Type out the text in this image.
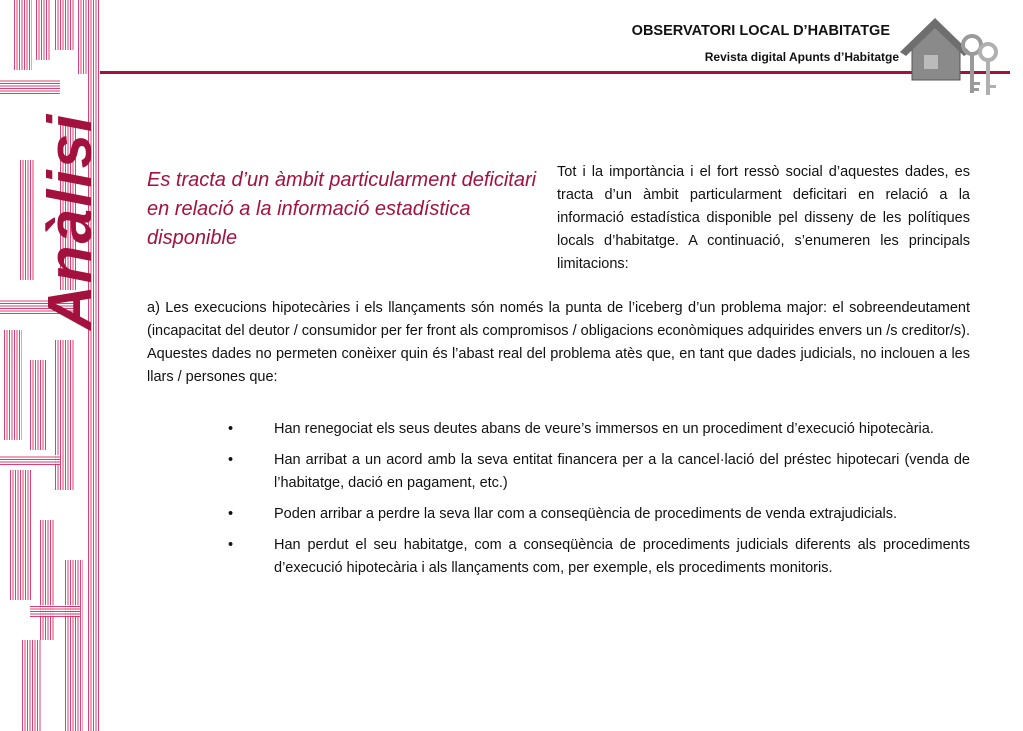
Anàlisi
OBSERVATORI LOCAL D’HABITATGE
Revista digital Apunts d’Habitatge
Es tracta d’un àmbit particularment deficitari en relació a la informació estadística disponible
Tot i la importància i el fort ressò social d’aquestes dades, es tracta d’un àmbit particularment deficitari en relació a la informació estadística disponible pel disseny de les polítiques locals d’habitatge. A continuació, s’enumeren les principals limitacions:
a) Les execucions hipotecàries i els llançaments són només la punta de l’iceberg d’un problema major: el sobreendeutament (incapacitat del deutor / consumidor per fer front als compromisos / obligacions econòmiques adquirides envers un /s creditor/s). Aquestes dades no permeten conèixer quin és l’abast real del problema atès que, en tant que dades judicials, no inclouen a les llars / persones que:
•	Han renegociat els seus deutes abans de veure’s immersos en un procediment d’execució hipotecària.
•	Han arribat a un acord amb la seva entitat financera per a la cancel·lació del préstec hipotecari (venda de l’habitatge, dació en pagament, etc.)
•	Poden arribar a perdre la seva llar com a conseqüència de procediments de venda extrajudicials.
•	Han perdut el seu habitatge, com a conseqüència de procediments judicials diferents als procediments d’execució hipotecària i als llançaments com, per exemple, els procediments monitoris.
